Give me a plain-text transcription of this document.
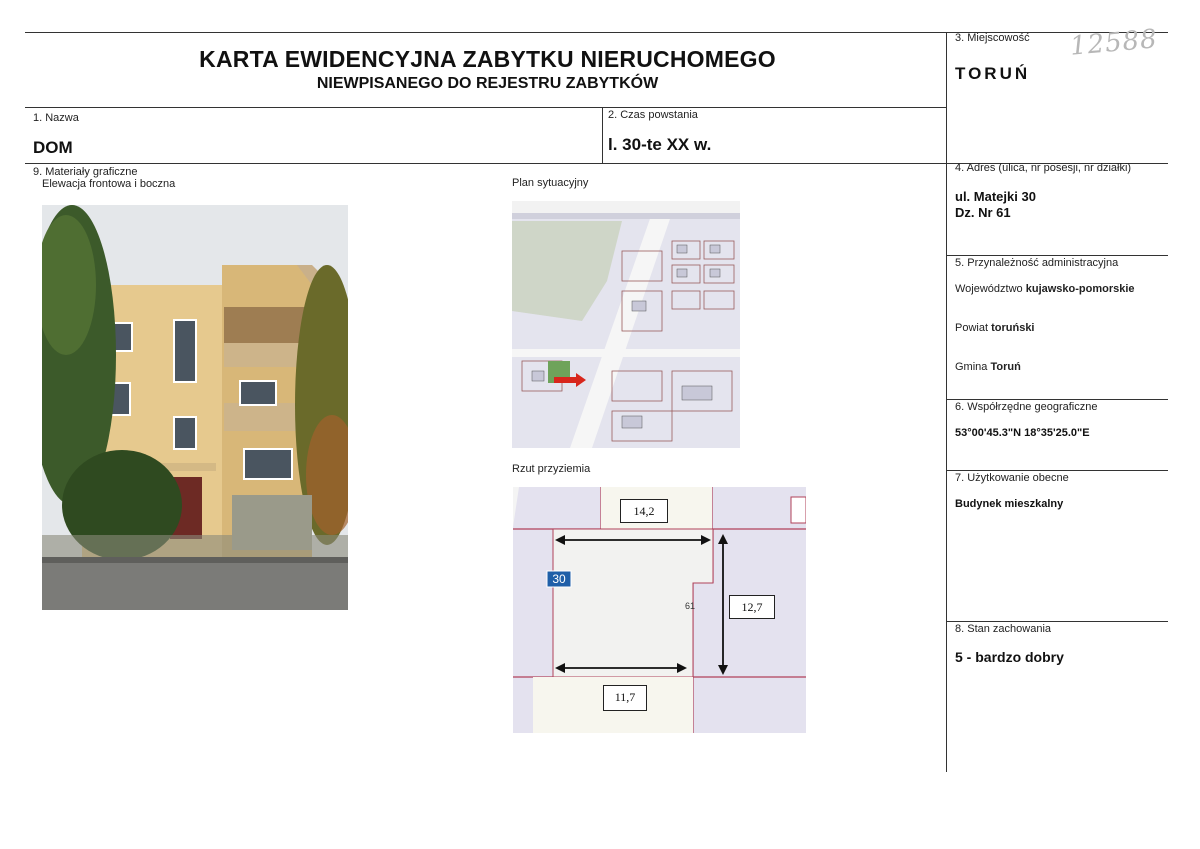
KARTA EWIDENCYJNA ZABYTKU NIERUCHOMEGO
NIEWPISANEGO DO REJESTRU ZABYTKÓW
12588
1. Nazwa
DOM
2. Czas powstania
l. 30-te XX w.
3. Miejscowość
TORUŃ
4. Adres (ulica, nr posesji, nr działki)
ul. Matejki 30
Dz. Nr 61
5. Przynależność administracyjna
Województwo kujawsko-pomorskie
Powiat toruński
Gmina Toruń
6. Współrzędne geograficzne
53°00'45.3"N 18°35'25.0"E
7. Użytkowanie obecne
Budynek mieszkalny
8. Stan zachowania
5 - bardzo dobry
9. Materiały graficzne
Elewacja frontowa i boczna	Plan sytuacyjny
Rzut przyziemia
30
61
14,2
12,7
11,7
